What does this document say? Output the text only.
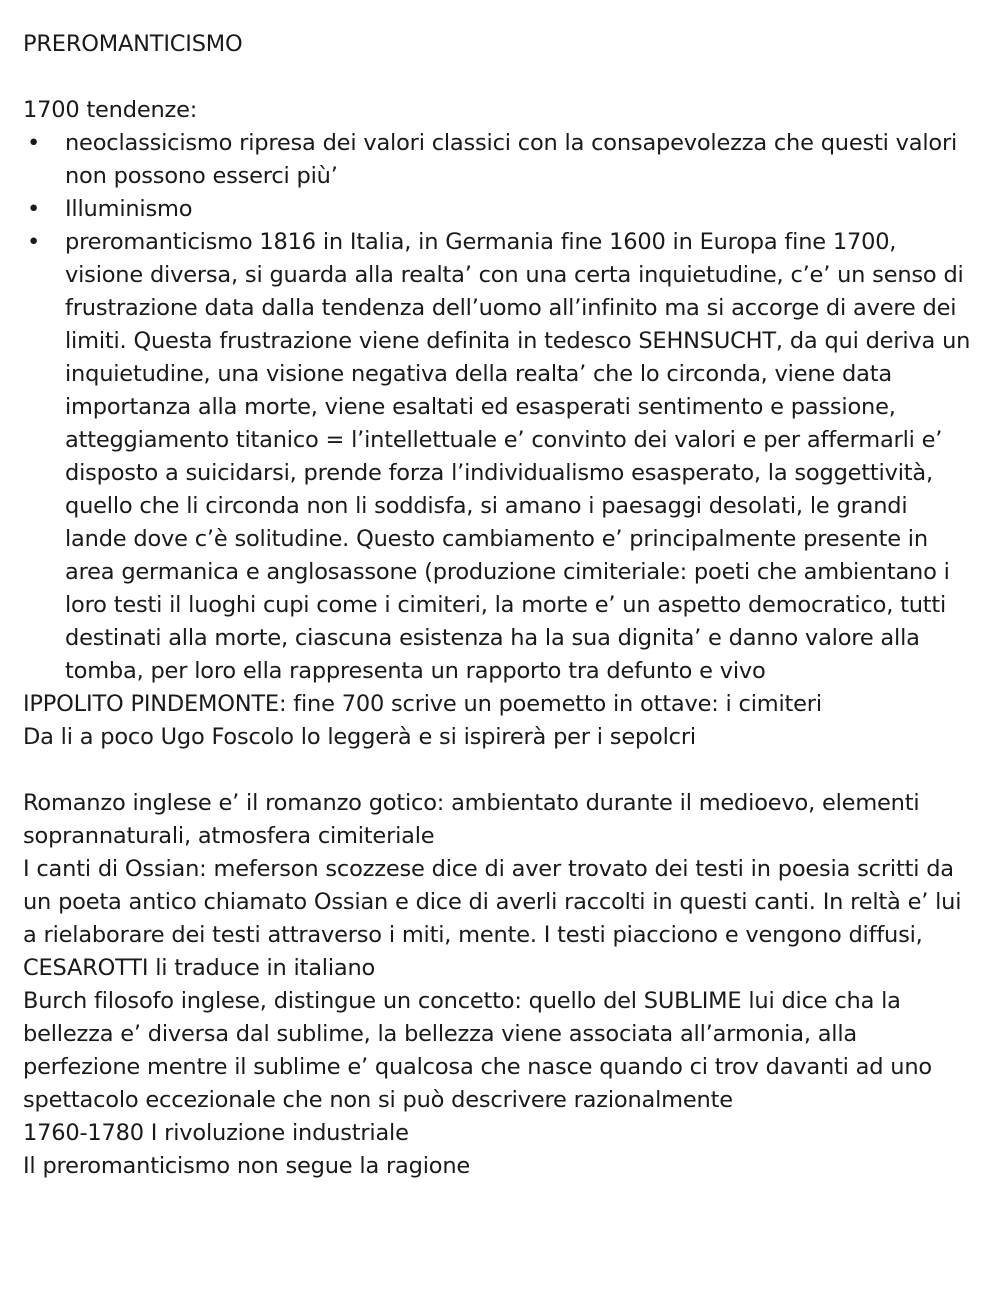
PREROMANTICISMO
1700 tendenze:
• neoclassicismo ripresa dei valori classici con la consapevolezza che questi valori non possono esserci più’
• Illuminismo
• preromanticismo 1816 in Italia, in Germania fine 1600 in Europa fine 1700, visione diversa, si guarda alla realta’ con una certa inquietudine, c’e’ un senso di frustrazione data dalla tendenza dell’uomo all’infinito ma si accorge di avere dei limiti. Questa frustrazione viene definita in tedesco SEHNSUCHT, da qui deriva un inquietudine, una visione negativa della realta’ che lo circonda, viene data importanza alla morte, viene esaltati ed esasperati sentimento e passione, atteggiamento titanico = l’intellettuale e’ convinto dei valori e per affermarli e’ disposto a suicidarsi, prende forza l’individualismo esasperato, la soggettività, quello che li circonda non li soddisfa, si amano i paesaggi desolati, le grandi lande dove c’è solitudine. Questo cambiamento e’ principalmente presente in area germanica e anglosassone (produzione cimiteriale: poeti che ambientano i loro testi il luoghi cupi come i cimiteri, la morte e’ un aspetto democratico, tutti destinati alla morte, ciascuna esistenza ha la sua dignita’ e danno valore alla tomba, per loro ella rappresenta un rapporto tra defunto e vivo
IPPOLITO PINDEMONTE: fine 700 scrive un poemetto in ottave: i cimiteri
Da li a poco Ugo Foscolo lo leggerà e si ispirerà per i sepolcri
Romanzo inglese e’ il romanzo gotico: ambientato durante il medioevo, elementi soprannaturali, atmosfera cimiteriale
I canti di Ossian: meferson scozzese dice di aver trovato dei testi in poesia scritti da un poeta antico chiamato Ossian e dice di averli raccolti in questi canti. In reltà e’ lui a rielaborare dei testi attraverso i miti, mente. I testi piacciono e vengono diffusi, CESAROTTI li traduce in italiano
Burch filosofo inglese, distingue un concetto: quello del SUBLIME lui dice cha la bellezza e’ diversa dal sublime, la bellezza viene associata all’armonia, alla perfezione mentre il sublime e’ qualcosa che nasce quando ci trov davanti ad uno spettacolo eccezionale che non si può descrivere razionalmente
1760-1780 I rivoluzione industriale
Il preromanticismo non segue la ragione
